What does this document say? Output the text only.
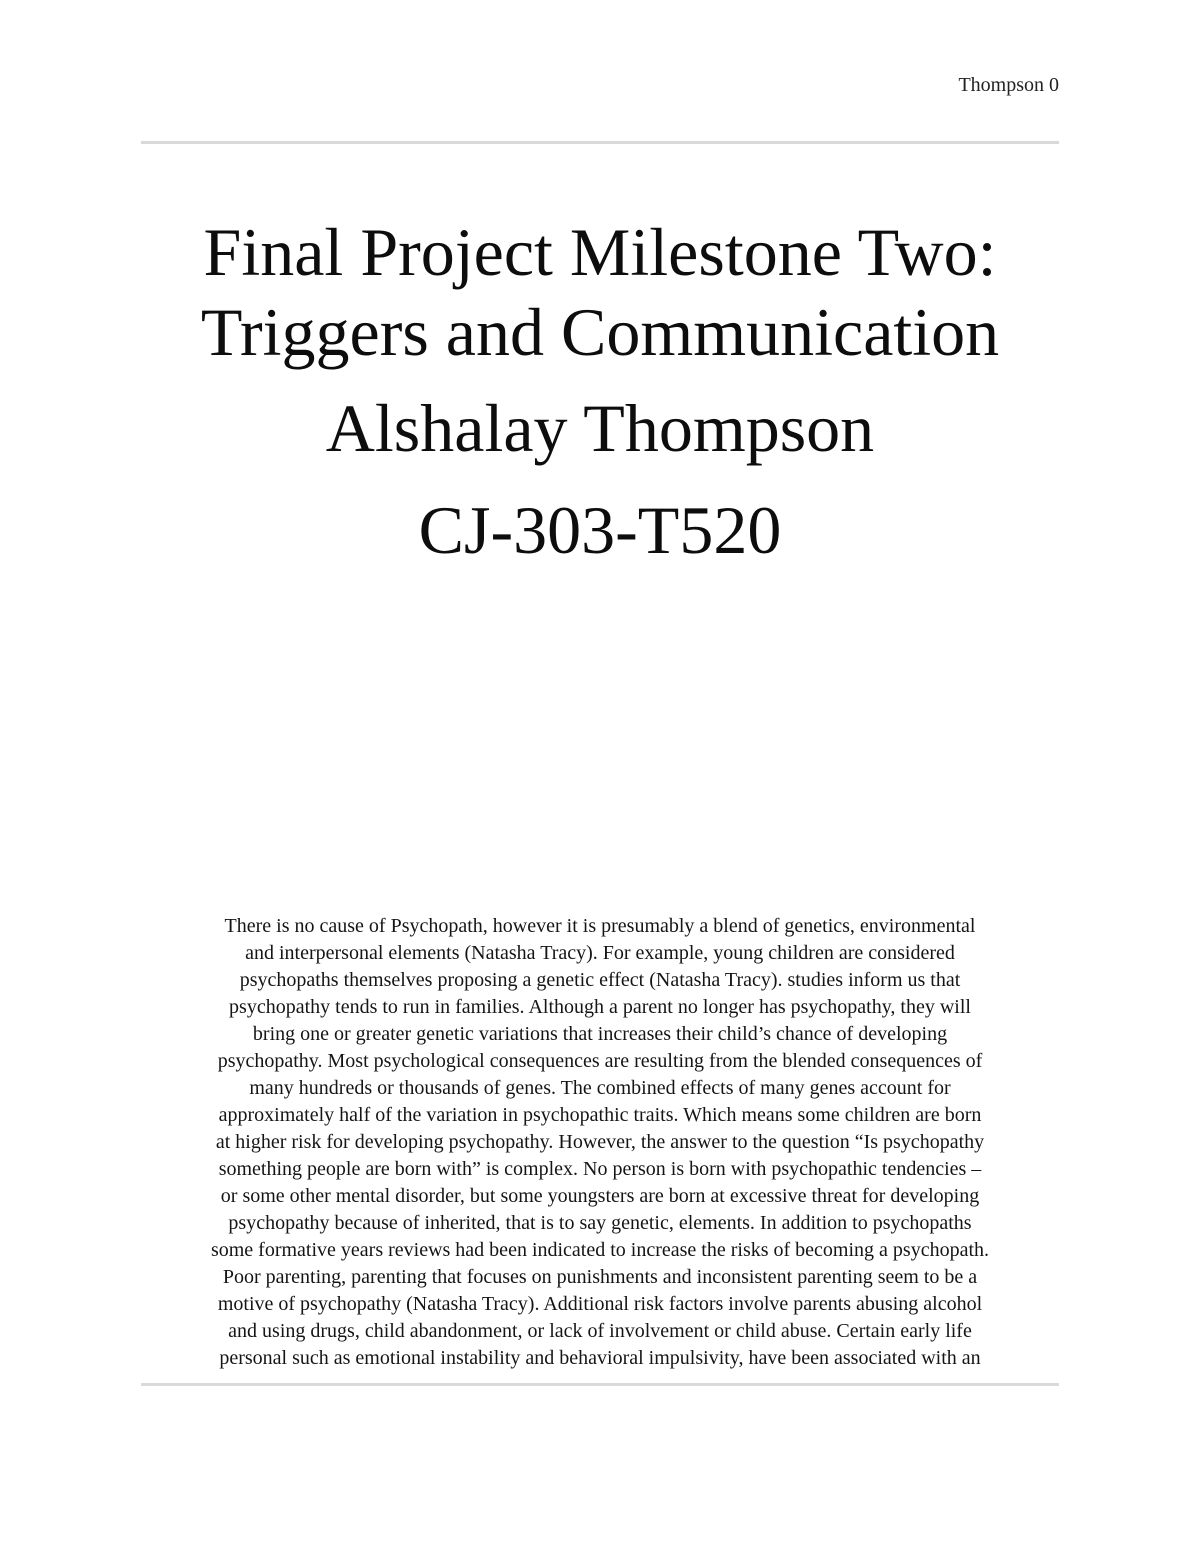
Thompson 0
Final Project Milestone Two:
Triggers and Communication
Alshalay Thompson
CJ-303-T520
There is no cause of Psychopath, however it is presumably a blend of genetics, environmental
and interpersonal elements (Natasha Tracy). For example, young children are considered
psychopaths themselves proposing a genetic effect (Natasha Tracy). studies inform us that
psychopathy tends to run in families. Although a parent no longer has psychopathy, they will
bring one or greater genetic variations that increases their child’s chance of developing
psychopathy. Most psychological consequences are resulting from the blended consequences of
many hundreds or thousands of genes. The combined effects of many genes account for
approximately half of the variation in psychopathic traits. Which means some children are born
at higher risk for developing psychopathy. However, the answer to the question “Is psychopathy
something people are born with” is complex. No person is born with psychopathic tendencies –
or some other mental disorder, but some youngsters are born at excessive threat for developing
psychopathy because of inherited, that is to say genetic, elements. In addition to psychopaths
some formative years reviews had been indicated to increase the risks of becoming a psychopath.
Poor parenting, parenting that focuses on punishments and inconsistent parenting seem to be a
motive of psychopathy (Natasha Tracy). Additional risk factors involve parents abusing alcohol
and using drugs, child abandonment, or lack of involvement or child abuse. Certain early life
personal such as emotional instability and behavioral impulsivity, have been associated with an
